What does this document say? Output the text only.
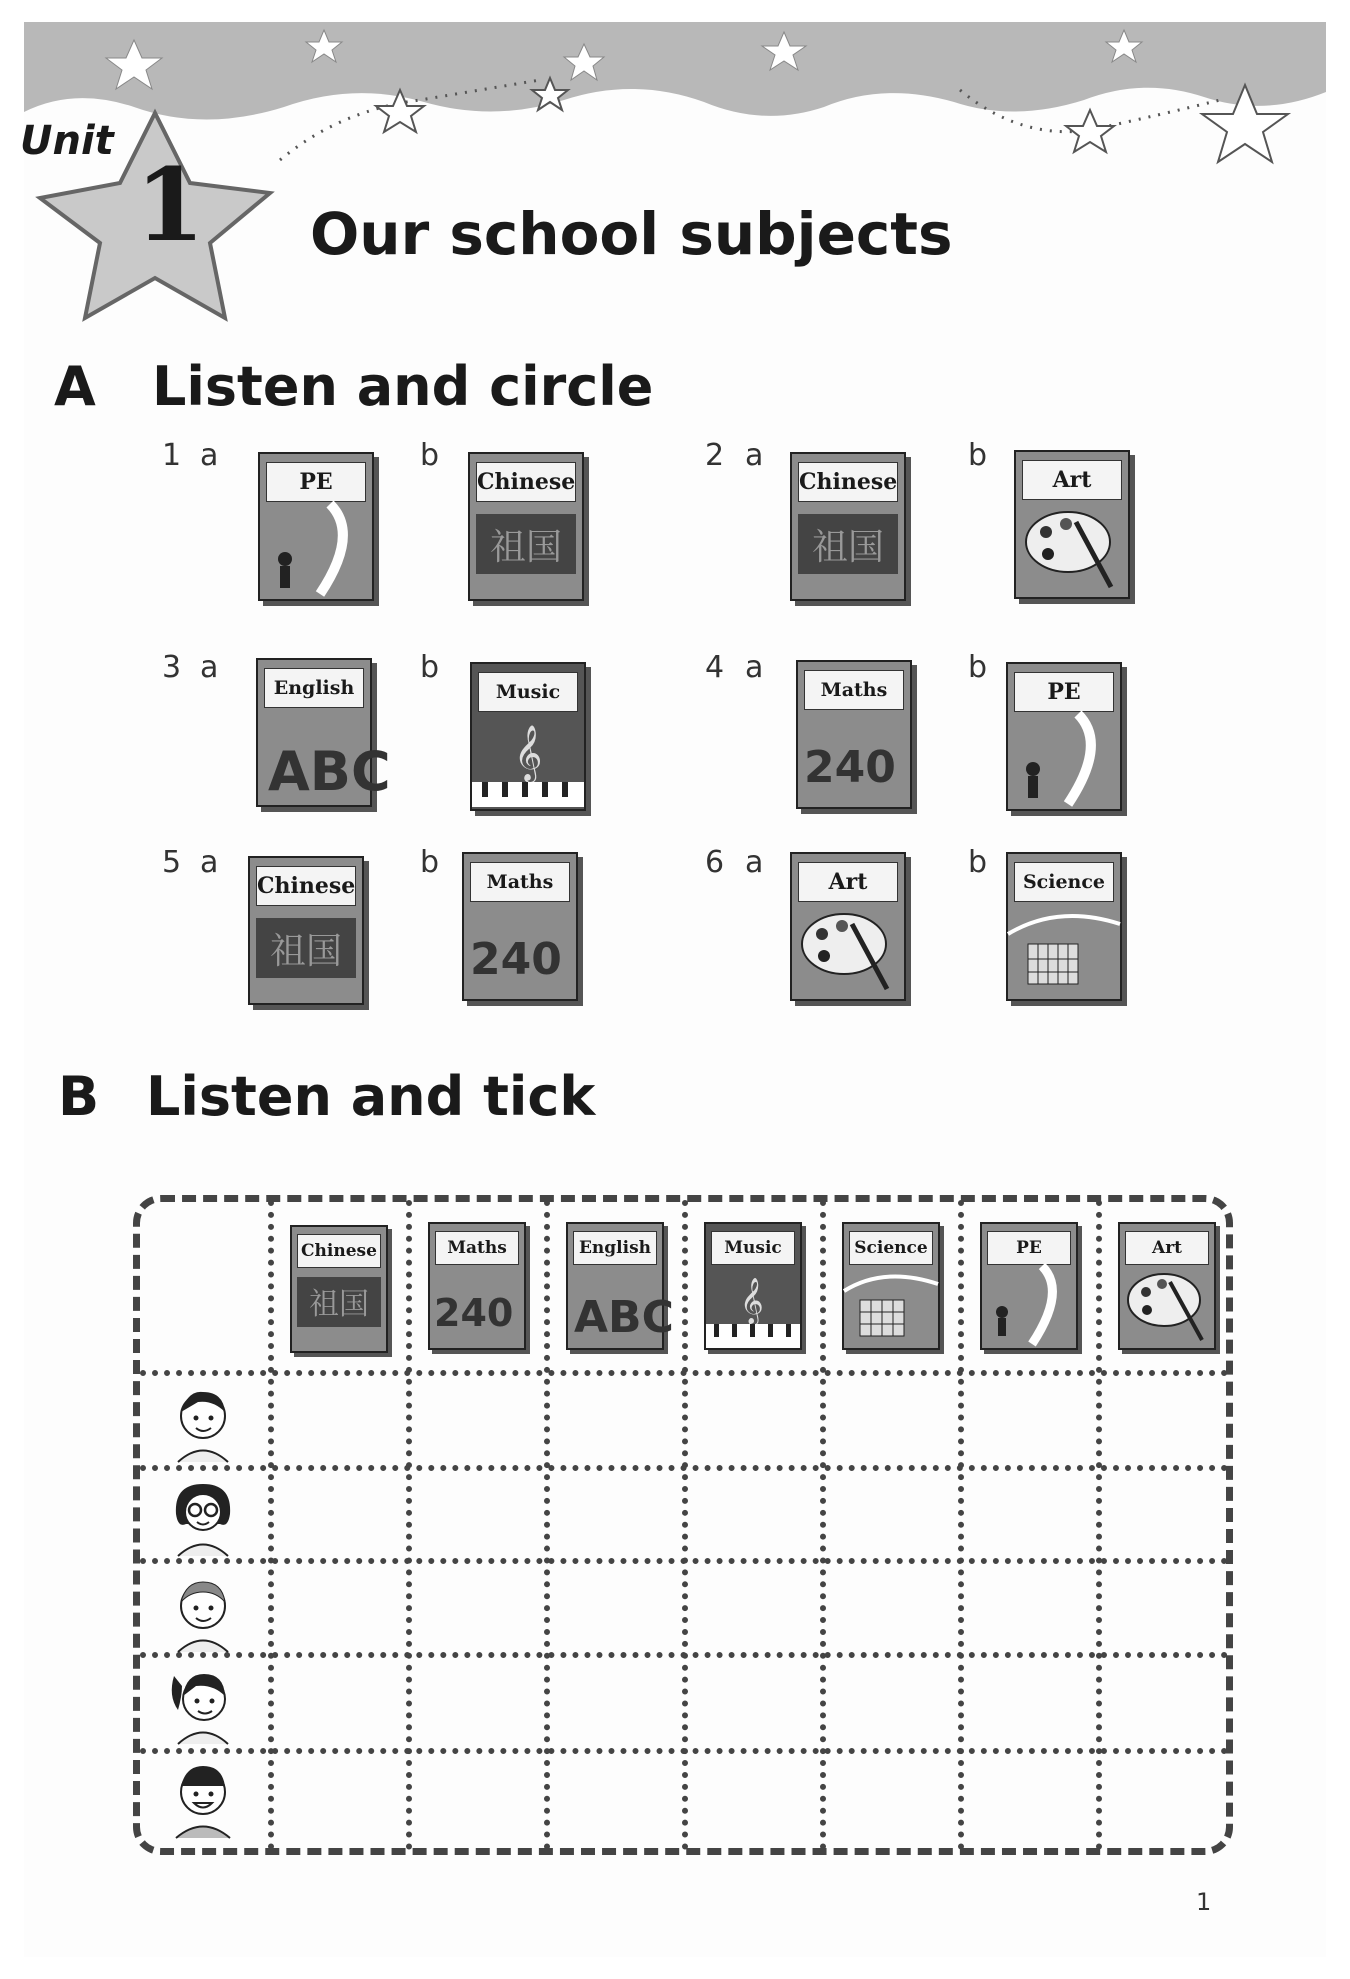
Unit
1 Our school subjects
A Listen and circle
1 a
PE
b
Chinese
祖国
2 a
Chinese
祖国
b
Art
3 a
English
ABC
b
Music
𝄞
4 a
Maths
240
b
PE
5 a
Chinese
祖国
b
Maths
240
6 a
Art
b
Science
B Listen and tick
Chinese
祖国
Maths
240
English
ABC
Music
𝄞
Science	PE	Art
1
